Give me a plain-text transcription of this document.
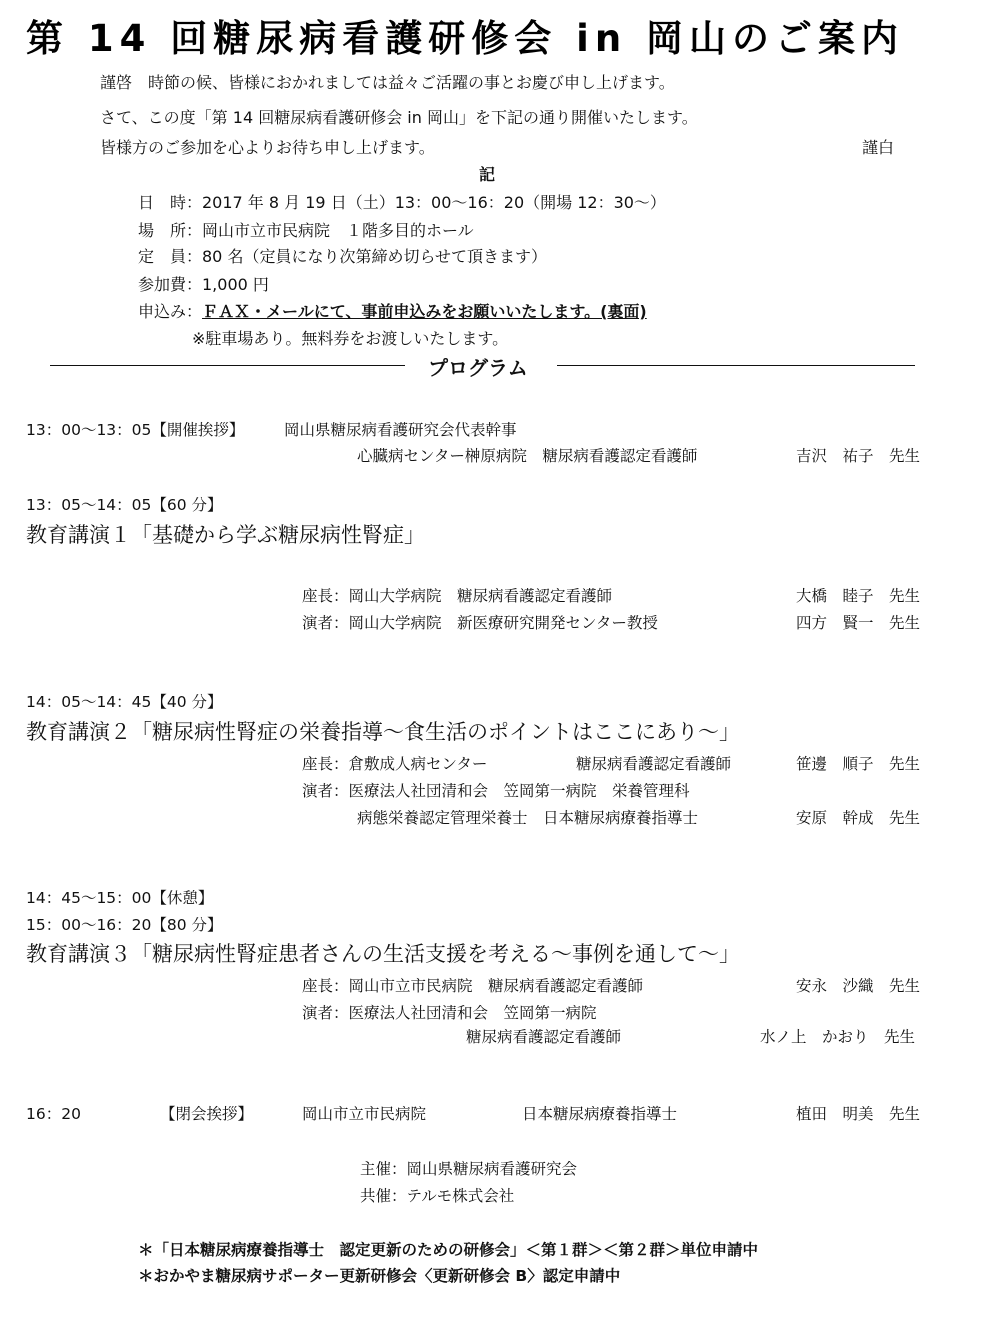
第 14 回糖尿病看護研修会 in 岡山のご案内
謹啓　時節の候、皆様におかれましては益々ご活躍の事とお慶び申し上げます。
さて、この度「第 14 回糖尿病看護研修会 in 岡山」を下記の通り開催いたします。
皆様方のご参加を心よりお待ち申し上げます。	謹白
記
日　時：2017 年 8 月 19 日（土）13：00～16：20（開場 12：30～）
場　所：岡山市立市民病院　１階多目的ホール
定　員：80 名（定員になり次第締め切らせて頂きます）
参加費：1,000 円
申込み：ＦＡＸ・メールにて、事前申込みをお願いいたします。(裏面)
※駐車場あり。無料券をお渡しいたします。
プログラム
13：00～13：05【開催挨拶】	岡山県糖尿病看護研究会代表幹事
心臓病センター榊原病院　糖尿病看護認定看護師	吉沢　祐子　先生
13：05～14：05【60 分】
教育講演１「基礎から学ぶ糖尿病性腎症」
座長：岡山大学病院　糖尿病看護認定看護師	大橋　睦子　先生
演者：岡山大学病院　新医療研究開発センター教授	四方　賢一　先生
14：05～14：45【40 分】
教育講演２「糖尿病性腎症の栄養指導～食生活のポイントはここにあり～」
座長：倉敷成人病センター	糖尿病看護認定看護師	笹邊　順子　先生
演者：医療法人社団清和会　笠岡第一病院　栄養管理科
病態栄養認定管理栄養士　日本糖尿病療養指導士	安原　幹成　先生
14：45～15：00【休憩】
15：00～16：20【80 分】
教育講演３「糖尿病性腎症患者さんの生活支援を考える～事例を通して～」
座長：岡山市立市民病院　糖尿病看護認定看護師	安永　沙織　先生
演者：医療法人社団清和会　笠岡第一病院
糖尿病看護認定看護師	水ノ上　かおり　先生
16：20	【閉会挨拶】	岡山市立市民病院	日本糖尿病療養指導士	植田　明美　先生
主催：岡山県糖尿病看護研究会
共催：テルモ株式会社
＊「日本糖尿病療養指導士　認定更新のための研修会」＜第１群＞＜第２群＞単位申請中
＊おかやま糖尿病サポーター更新研修会〈更新研修会 B〉認定申請中
